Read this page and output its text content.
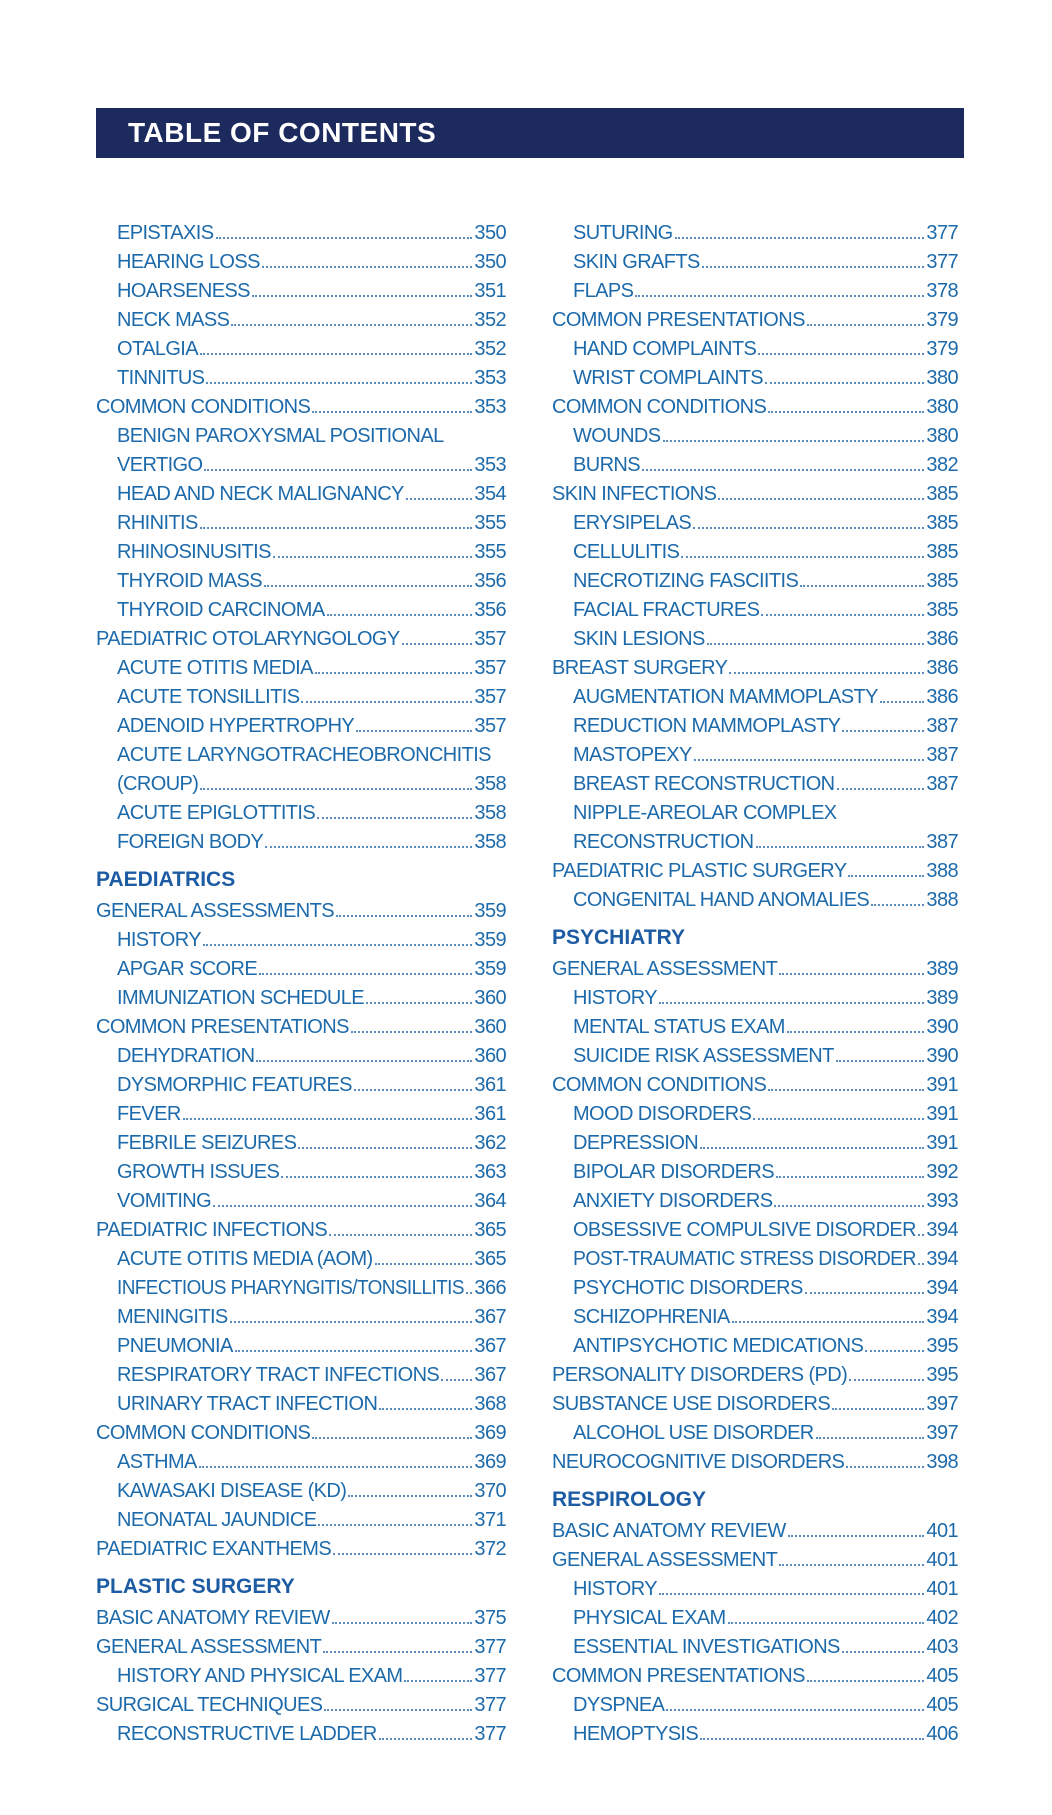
TABLE OF CONTENTS
EPISTAXIS	350
HEARING LOSS	350
HOARSENESS	351
NECK MASS	352
OTALGIA	352
TINNITUS	353
COMMON CONDITIONS	353
BENIGN PAROXYSMAL POSITIONAL
VERTIGO	353
HEAD AND NECK MALIGNANCY	354
RHINITIS	355
RHINOSINUSITIS	355
THYROID MASS	356
THYROID CARCINOMA	356
PAEDIATRIC OTOLARYNGOLOGY	357
ACUTE OTITIS MEDIA	357
ACUTE TONSILLITIS	357
ADENOID HYPERTROPHY	357
ACUTE LARYNGOTRACHEOBRONCHITIS
(CROUP)	358
ACUTE EPIGLOTTITIS	358
FOREIGN BODY	358
PAEDIATRICS
GENERAL ASSESSMENTS	359
HISTORY	359
APGAR SCORE	359
IMMUNIZATION SCHEDULE	360
COMMON PRESENTATIONS	360
DEHYDRATION	360
DYSMORPHIC FEATURES	361
FEVER	361
FEBRILE SEIZURES	362
GROWTH ISSUES	363
VOMITING	364
PAEDIATRIC INFECTIONS	365
ACUTE OTITIS MEDIA (AOM)	365
INFECTIOUS PHARYNGITIS/TONSILLITIS 366
MENINGITIS	367
PNEUMONIA	367
RESPIRATORY TRACT INFECTIONS 367
URINARY TRACT INFECTION	368
COMMON CONDITIONS	369
ASTHMA	369
KAWASAKI DISEASE (KD)	370
NEONATAL JAUNDICE	371
PAEDIATRIC EXANTHEMS	372
PLASTIC SURGERY
BASIC ANATOMY REVIEW	375
GENERAL ASSESSMENT	377
HISTORY AND PHYSICAL EXAM	377
SURGICAL TECHNIQUES	377
RECONSTRUCTIVE LADDER	377
SUTURING	377
SKIN GRAFTS	377
FLAPS	378
COMMON PRESENTATIONS	379
HAND COMPLAINTS	379
WRIST COMPLAINTS	380
COMMON CONDITIONS	380
WOUNDS	380
BURNS	382
SKIN INFECTIONS	385
ERYSIPELAS	385
CELLULITIS	385
NECROTIZING FASCIITIS	385
FACIAL FRACTURES	385
SKIN LESIONS	386
BREAST SURGERY	386
AUGMENTATION MAMMOPLASTY 386
REDUCTION MAMMOPLASTY	387
MASTOPEXY	387
BREAST RECONSTRUCTION	387
NIPPLE-AREOLAR COMPLEX
RECONSTRUCTION	387
PAEDIATRIC PLASTIC SURGERY	388
CONGENITAL HAND ANOMALIES	388
PSYCHIATRY
GENERAL ASSESSMENT	389
HISTORY	389
MENTAL STATUS EXAM	390
SUICIDE RISK ASSESSMENT	390
COMMON CONDITIONS	391
MOOD DISORDERS	391
DEPRESSION	391
BIPOLAR DISORDERS	392
ANXIETY DISORDERS	393
OBSESSIVE COMPULSIVE DISORDER 394
POST-TRAUMATIC STRESS DISORDER 394
PSYCHOTIC DISORDERS	394
SCHIZOPHRENIA	394
ANTIPSYCHOTIC MEDICATIONS	395
PERSONALITY DISORDERS (PD)	395
SUBSTANCE USE DISORDERS	397
ALCOHOL USE DISORDER	397
NEUROCOGNITIVE DISORDERS	398
RESPIROLOGY
BASIC ANATOMY REVIEW	401
GENERAL ASSESSMENT	401
HISTORY	401
PHYSICAL EXAM	402
ESSENTIAL INVESTIGATIONS	403
COMMON PRESENTATIONS	405
DYSPNEA	405
HEMOPTYSIS	406
